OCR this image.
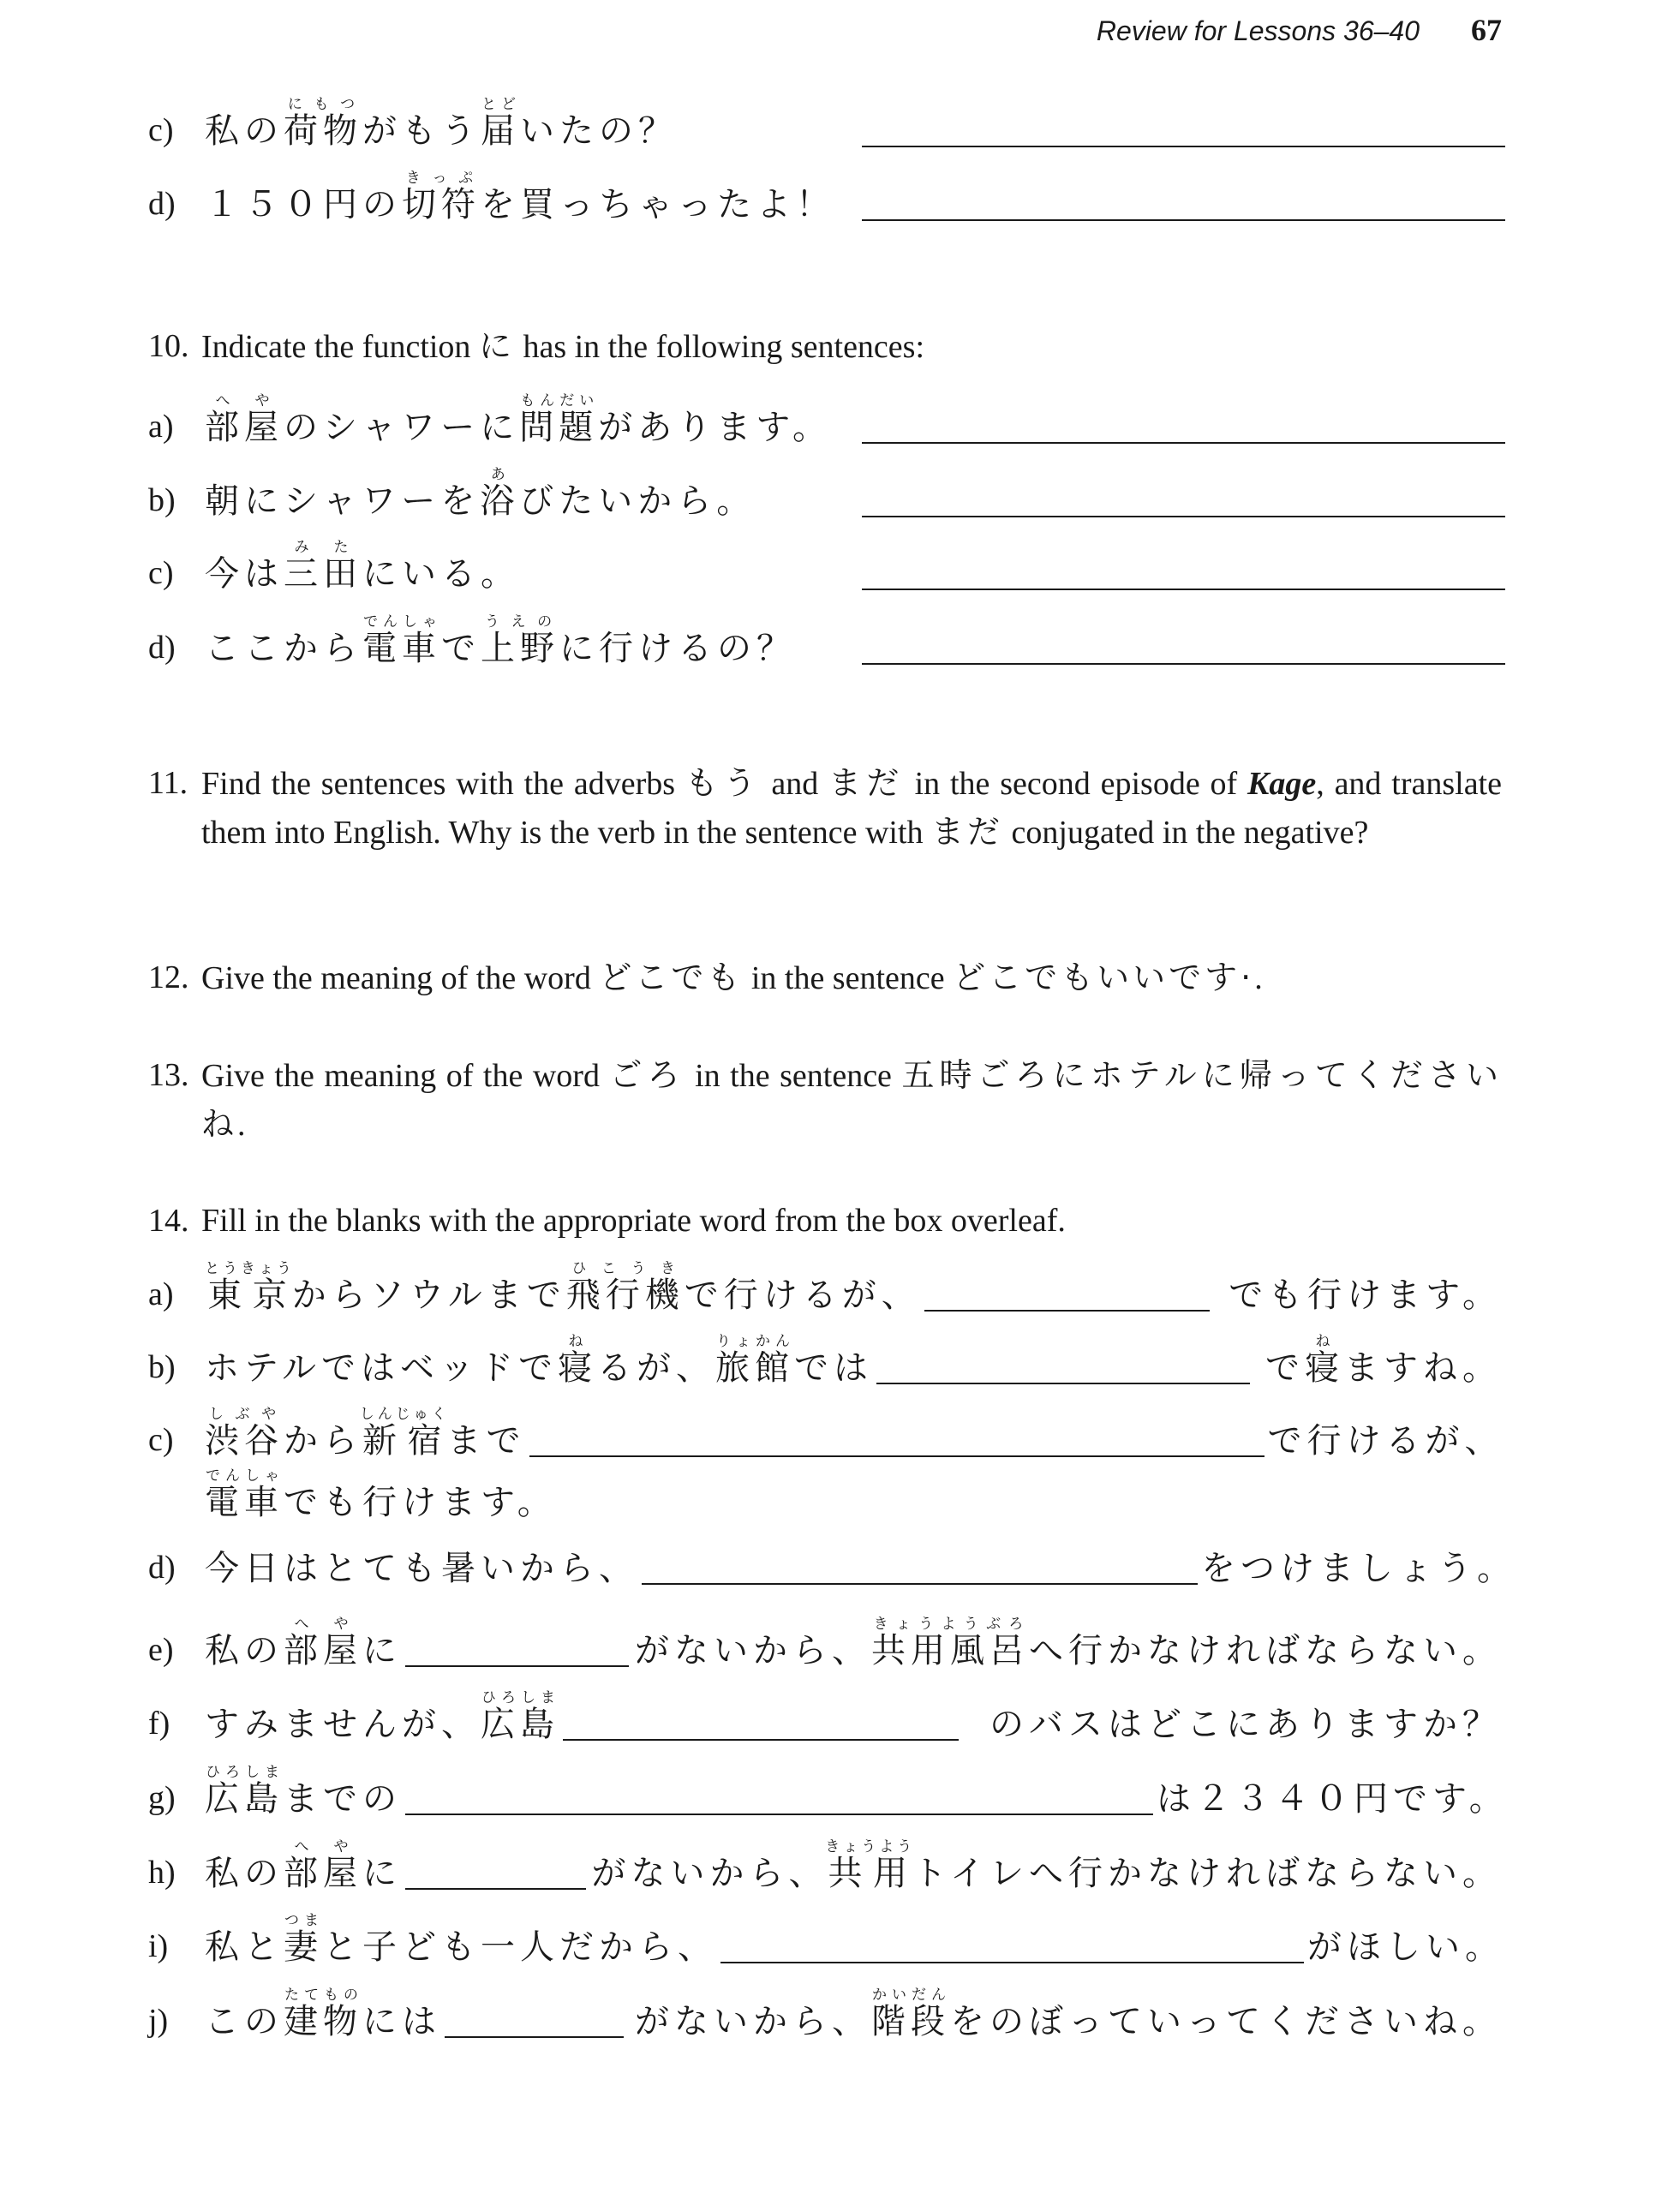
Review for Lessons 36–40 67
c) 私の荷物にもつがもう届とどいたの？
d) １５０円の切符きっぷを買っちゃったよ！
10. Indicate the function に has in the following sentences:
a) 部屋へやのシャワーに問題もんだいがあります。
b) 朝にシャワーを浴あびたいから。
c) 今は三田みたにいる。
d) ここから電車でんしゃで上野うえのに行けるの？
11. Find the sentences with the adverbs もう and まだ in the second episode of Kage, and translate them into English. Why is the verb in the sentence with まだ conjugated in the negative?
12. Give the meaning of the word どこでも in the sentence どこでもいいです·.
13. Give the meaning of the word ごろ in the sentence 五時ごろにホテルに帰ってください ね.
14. Fill in the blanks with the appropriate word from the box overleaf.
a) 東京とうきょうからソウルまで飛行機ひこうきで行けるが、	でも行けます。
b) ホテルではベッドで寝ねるが、旅館りょかんでは	で寝ねますね。
c) 渋谷しぶやから新宿しんじゅくまで	で行けるが、
d) 今日はとても暑いから、	をつけましょう。
e) 私の部屋へやに	がないから、共用風呂きょうようぶろへ行かなければならない。
f)	すみませんが、広島ひろしま
のバスはどこにありますか？
g) 広島ひろしままでの	は２３４０円です。
h) 私の部屋へやに	がないから、共用きょうようトイレへ行かなければならない。
i)	私と妻つまと子ども一人だから、	がほしい。
j)	この建物たてものには	がないから、階段かいだんをのぼっていってくださいね。
電車でんしゃでも行けます。
